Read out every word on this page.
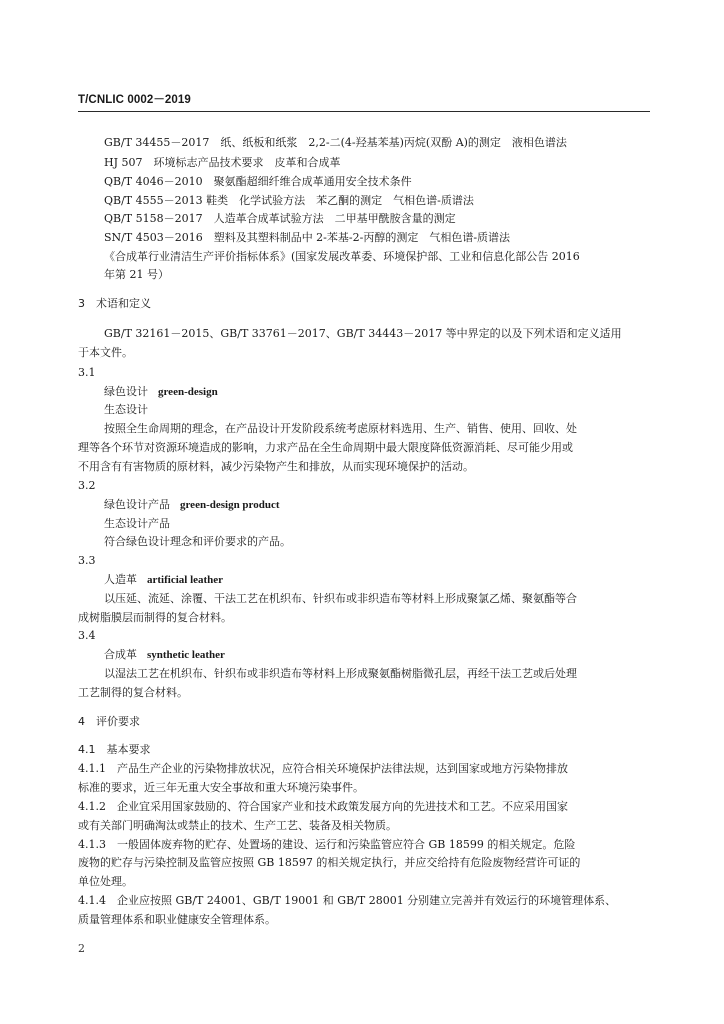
T/CNLIC 0002－2019
GB/T 34455－2017　纸、纸板和纸浆　2,2-二(4-羟基苯基)丙烷(双酚 A)的测定　液相色谱法
HJ 507　环境标志产品技术要求　皮革和合成革
QB/T 4046－2010　聚氨酯超细纤维合成革通用安全技术条件
QB/T 4555－2013 鞋类　化学试验方法　苯乙酮的测定　气相色谱-质谱法
QB/T 5158－2017　人造革合成革试验方法　二甲基甲酰胺含量的测定
SN/T 4503－2016　塑料及其塑料制品中 2-苯基-2-丙醇的测定　气相色谱-质谱法
《合成革行业清洁生产评价指标体系》(国家发展改革委、环境保护部、工业和信息化部公告 2016
年第 21 号）
3　术语和定义
GB/T 32161－2015、GB/T 33761－2017、GB/T 34443－2017 等中界定的以及下列术语和定义适用
于本文件。
3.1
绿色设计 green-design
生态设计
按照全生命周期的理念，在产品设计开发阶段系统考虑原材料选用、生产、销售、使用、回收、处
理等各个环节对资源环境造成的影响，力求产品在全生命周期中最大限度降低资源消耗、尽可能少用或
不用含有有害物质的原材料，减少污染物产生和排放，从而实现环境保护的活动。
3.2
绿色设计产品 green-design product
生态设计产品
符合绿色设计理念和评价要求的产品。
3.3
人造革 artificial leather
以压延、流延、涂覆、干法工艺在机织布、针织布或非织造布等材料上形成聚氯乙烯、聚氨酯等合
成树脂膜层而制得的复合材料。
3.4
合成革 synthetic leather
以湿法工艺在机织布、针织布或非织造布等材料上形成聚氨酯树脂微孔层，再经干法工艺或后处理
工艺制得的复合材料。
4　评价要求
4.1　基本要求
4.1.1　产品生产企业的污染物排放状况，应符合相关环境保护法律法规，达到国家或地方污染物排放
标准的要求，近三年无重大安全事故和重大环境污染事件。
4.1.2　企业宜采用国家鼓励的、符合国家产业和技术政策发展方向的先进技术和工艺。不应采用国家
或有关部门明确淘汰或禁止的技术、生产工艺、装备及相关物质。
4.1.3　一般固体废弃物的贮存、处置场的建设、运行和污染监管应符合 GB 18599 的相关规定。危险
废物的贮存与污染控制及监管应按照 GB 18597 的相关规定执行，并应交给持有危险废物经营许可证的
单位处理。
4.1.4　企业应按照 GB/T 24001、GB/T 19001 和 GB/T 28001 分别建立完善并有效运行的环境管理体系、
质量管理体系和职业健康安全管理体系。
2
